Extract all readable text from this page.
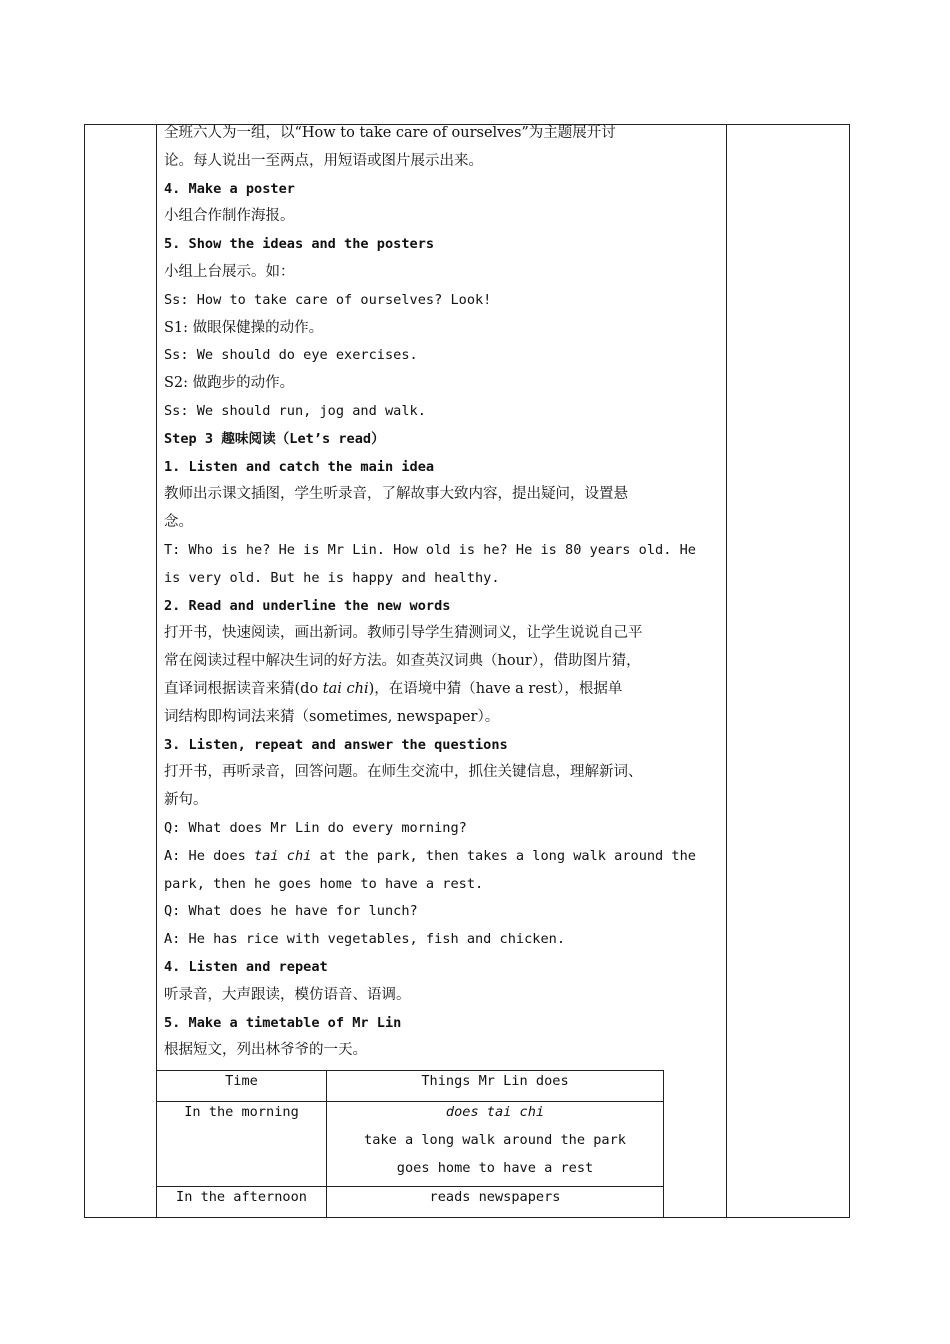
全班六人为一组，以“How to take care of ourselves”为主题展开讨
论。每人说出一至两点，用短语或图片展示出来。
4. Make a poster
小组合作制作海报。
5. Show the ideas and the posters
小组上台展示。如：
Ss: How to take care of ourselves? Look!
S1: 做眼保健操的动作。
Ss: We should do eye exercises.
S2: 做跑步的动作。
Ss: We should run, jog and walk.
Step 3 趣味阅读（Let’s read）
1. Listen and catch the main idea
教师出示课文插图，学生听录音，了解故事大致内容，提出疑问，设置悬
念。
T: Who is he? He is Mr Lin. How old is he? He is 80 years old. He
is very old. But he is happy and healthy.
2. Read and underline the new words
打开书，快速阅读，画出新词。教师引导学生猜测词义，让学生说说自己平
常在阅读过程中解决生词的好方法。如查英汉词典（hour），借助图片猜，
直译词根据读音来猜(do tai chi)，在语境中猜（have a rest），根据单
词结构即构词法来猜（sometimes, newspaper）。
3. Listen, repeat and answer the questions
打开书，再听录音，回答问题。在师生交流中，抓住关键信息，理解新词、
新句。
Q: What does Mr Lin do every morning?
A: He does tai chi at the park, then takes a long walk around the
park, then he goes home to have a rest.
Q: What does he have for lunch?
A: He has rice with vegetables, fish and chicken.
4. Listen and repeat
听录音，大声跟读，模仿语音、语调。
5. Make a timetable of Mr Lin
根据短文，列出林爷爷的一天。
Time	Things Mr Lin does

In the morning	does tai chi
take a long walk around the park
goes home to have a rest

In the afternoon	reads newspapers
